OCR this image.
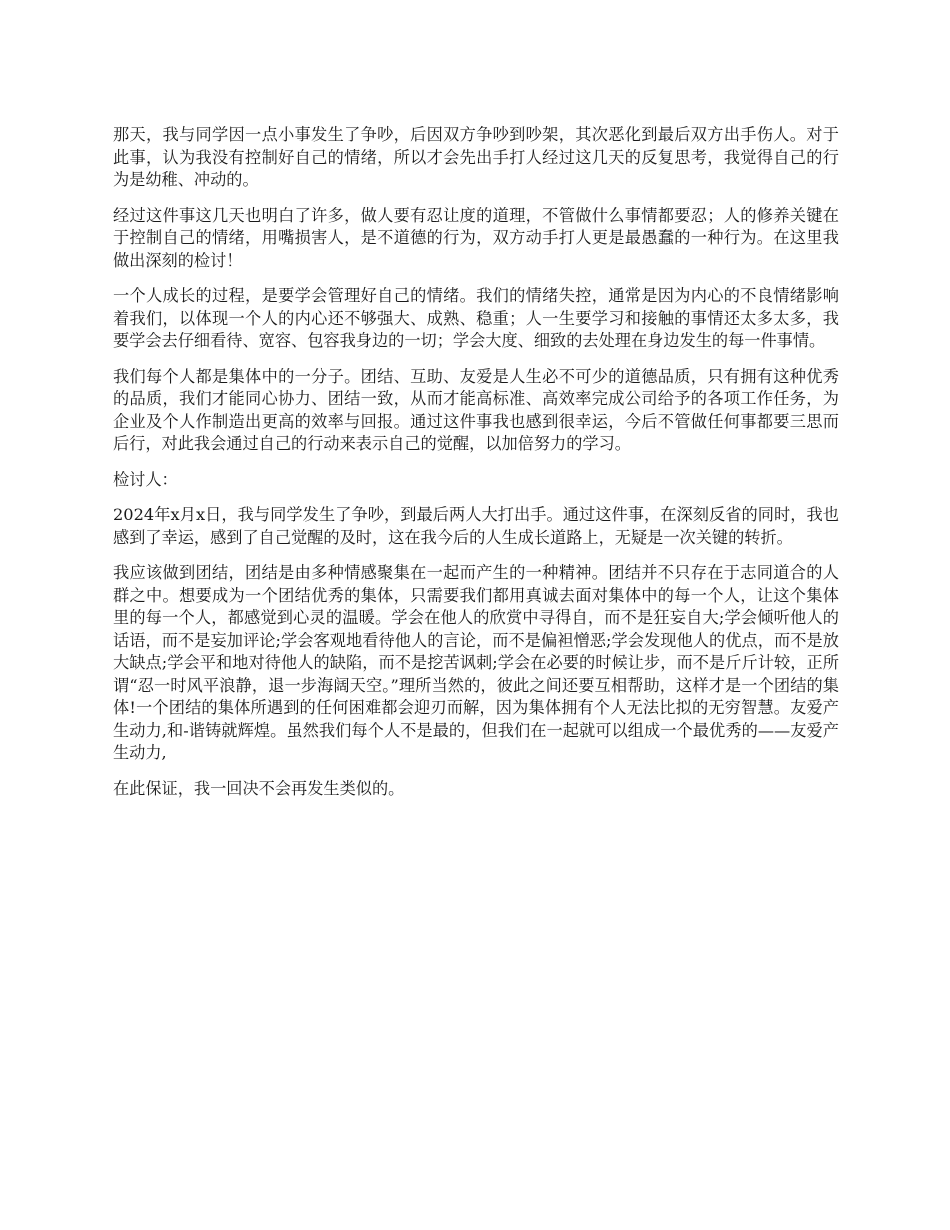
那天，我与同学因一点小事发生了争吵，后因双方争吵到吵架，其次恶化到最后双方出手伤人。对于此事，认为我没有控制好自己的情绪，所以才会先出手打人经过这几天的反复思考，我觉得自己的行为是幼稚、冲动的。

经过这件事这几天也明白了许多，做人要有忍让度的道理，不管做什么事情都要忍；人的修养关键在于控制自己的情绪，用嘴损害人，是不道德的行为，双方动手打人更是最愚蠢的一种行为。在这里我做出深刻的检讨！

一个人成长的过程，是要学会管理好自己的情绪。我们的情绪失控，通常是因为内心的不良情绪影响着我们，以体现一个人的内心还不够强大、成熟、稳重；人一生要学习和接触的事情还太多太多，我要学会去仔细看待、宽容、包容我身边的一切；学会大度、细致的去处理在身边发生的每一件事情。

我们每个人都是集体中的一分子。团结、互助、友爱是人生必不可少的道德品质，只有拥有这种优秀的品质，我们才能同心协力、团结一致，从而才能高标准、高效率完成公司给予的各项工作任务，为企业及个人作制造出更高的效率与回报。通过这件事我也感到很幸运，今后不管做任何事都要三思而后行，对此我会通过自己的行动来表示自己的觉醒，以加倍努力的学习。

检讨人：

2024年x月x日，我与同学发生了争吵，到最后两人大打出手。通过这件事，在深刻反省的同时，我也感到了幸运，感到了自己觉醒的及时，这在我今后的人生成长道路上，无疑是一次关键的转折。

我应该做到团结，团结是由多种情感聚集在一起而产生的一种精神。团结并不只存在于志同道合的人群之中。想要成为一个团结优秀的集体，只需要我们都用真诚去面对集体中的每一个人，让这个集体里的每一个人，都感觉到心灵的温暖。学会在他人的欣赏中寻得自，而不是狂妄自大;学会倾听他人的话语，而不是妄加评论;学会客观地看待他人的言论，而不是偏袒憎恶;学会发现他人的优点，而不是放大缺点;学会平和地对待他人的缺陷，而不是挖苦讽刺;学会在必要的时候让步，而不是斤斤计较，正所谓“忍一时风平浪静，退一步海阔天空。”理所当然的，彼此之间还要互相帮助，这样才是一个团结的集体!一个团结的集体所遇到的任何困难都会迎刃而解，因为集体拥有个人无法比拟的无穷智慧。友爱产生动力,和-谐铸就辉煌。虽然我们每个人不是最的，但我们在一起就可以组成一个最优秀的——友爱产生动力,

在此保证，我一回决不会再发生类似的。
